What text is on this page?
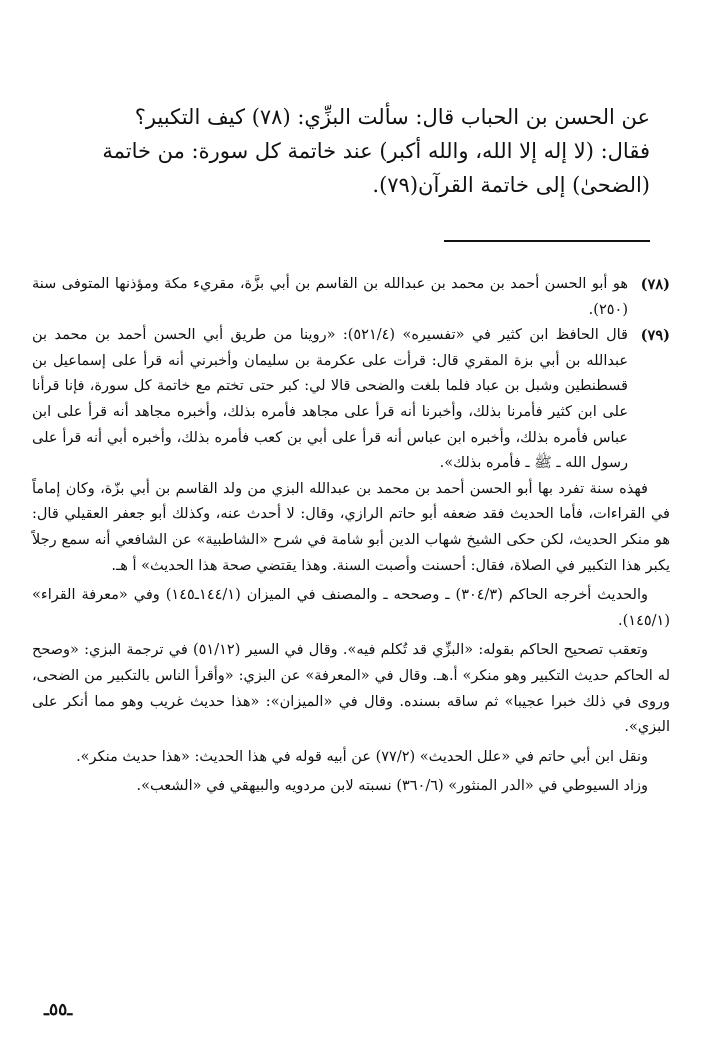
عن الحسن بن الحباب قال: سألت البزِّي: (٧٨) كيف التكبير؟

فقال: (لا إله إلا الله، والله أكبر) عند خاتمة كل سورة: من خاتمة

(الضحىٰ) إلى خاتمة القرآن(٧٩).

(٧٨)

هو أبو الحسن أحمد بن محمد بن عبدالله بن القاسم بن أبي بزَّة، مقريء مكة ومؤذنها المتوفى سنة (٢٥٠).

(٧٩)

قال الحافظ ابن كثير في «تفسيره» (٥٢١/٤): «روينا من طريق أبي الحسن أحمد بن محمد بن عبدالله بن أبي بزة المقري قال: قرأت على عكرمة بن سليمان وأخبرني أنه قرأ على إسماعيل بن قسطنطين وشبل بن عباد فلما بلغت والضحى قالا لي: كبر حتى تختم مع خاتمة كل سورة، فإنا قرأنا على ابن كثير فأمرنا بذلك، وأخبرنا أنه قرأ على مجاهد فأمره بذلك، وأخبره مجاهد أنه قرأ على ابن عباس فأمره بذلك، وأخبره ابن عباس أنه قرأ على أبي بن كعب فأمره بذلك، وأخبره أبي أنه قرأ على رسول الله ـ ﷺ ـ فأمره بذلك».

فهذه سنة تفرد بها أبو الحسن أحمد بن محمد بن عبدالله البزي من ولد القاسم بن أبي بزّة، وكان إماماً في القراءات، فأما الحديث فقد ضعفه أبو حاتم الرازي، وقال: لا أحدث عنه، وكذلك أبو جعفر العقيلي قال: هو منكر الحديث، لكن حكى الشيخ شهاب الدين أبو شامة في شرح «الشاطبية» عن الشافعي أنه سمع رجلاً يكبر هذا التكبير في الصلاة، فقال: أحسنت وأصبت السنة. وهذا يقتضي صحة هذا الحديث» أ هـ.

والحديث أخرجه الحاكم (٣٠٤/٣) ـ وصححه ـ والمصنف في الميزان (١٤٤/١ـ١٤٥) وفي «معرفة القراء» (١٤٥/١).

وتعقب تصحيح الحاكم بقوله: «البزِّي قد تُكلم فيه». وقال في السير (٥١/١٢) في ترجمة البزي: «وصحح له الحاكم حديث التكبير وهو منكر» أ.هـ. وقال في «المعرفة» عن البزي: «وأقرأ الناس بالتكبير من الضحى، وروى في ذلك خبرا عجيبا» ثم ساقه بسنده. وقال في «الميزان»: «هذا حديث غريب وهو مما أنكر على البزي».

ونقل ابن أبي حاتم في «علل الحديث» (٧٧/٢) عن أبيه قوله في هذا الحديث: «هذا حديث منكر».

وزاد السيوطي في «الدر المنثور» (٣٦٠/٦) نسبته لابن مردويه والبيهقي في «الشعب».

ـ٥٥ـ
